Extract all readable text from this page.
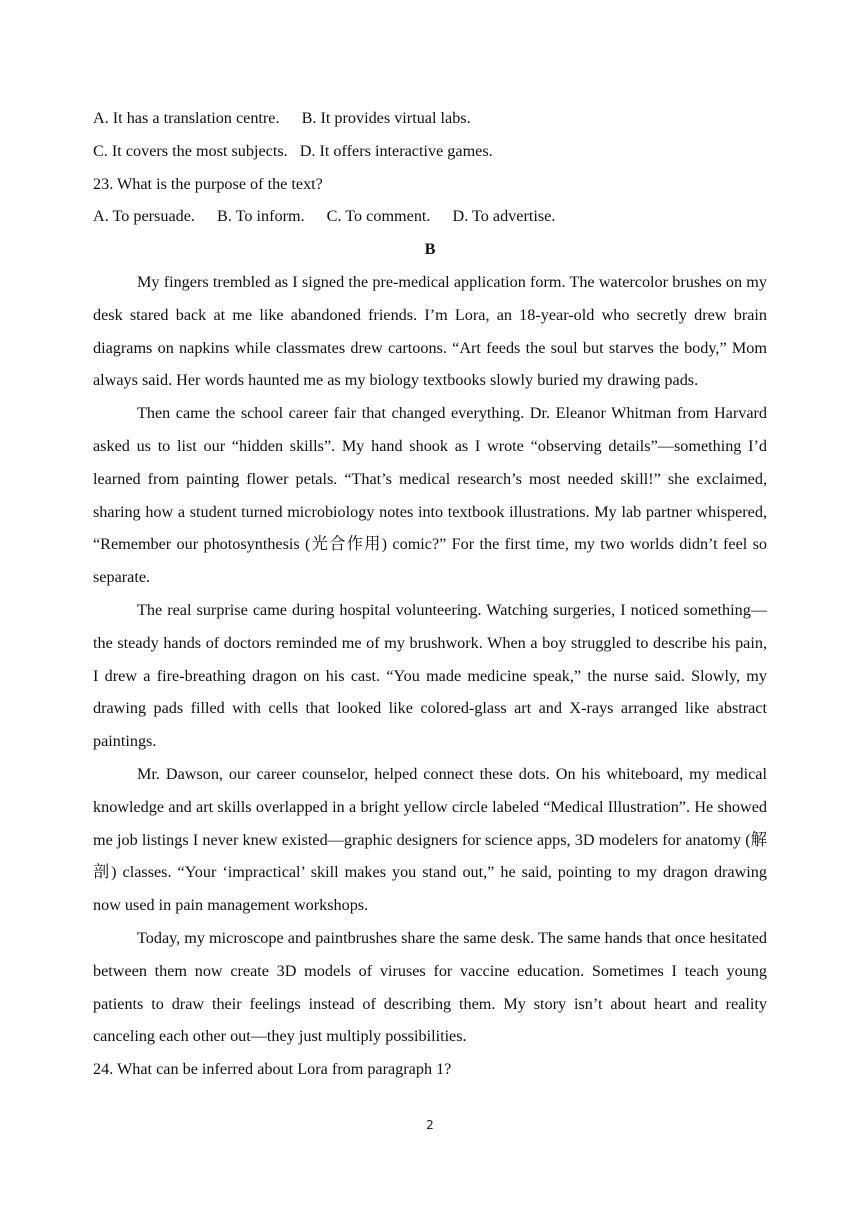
A. It has a translation centre. B. It provides virtual labs.
C. It covers the most subjects. D. It offers interactive games.
23. What is the purpose of the text?
A. To persuade. B. To inform. C. To comment. D. To advertise.
B

My fingers trembled as I signed the pre-medical application form. The watercolor brushes on my desk stared back at me like abandoned friends. I’m Lora, an 18-year-old who secretly drew brain diagrams on napkins while classmates drew cartoons. “Art feeds the soul but starves the body,” Mom always said. Her words haunted me as my biology textbooks slowly buried my drawing pads.

Then came the school career fair that changed everything. Dr. Eleanor Whitman from Harvard asked us to list our “hidden skills”. My hand shook as I wrote “observing details”—something I’d learned from painting flower petals. “That’s medical research’s most needed skill!” she exclaimed, sharing how a student turned microbiology notes into textbook illustrations. My lab partner whispered, “Remember our photosynthesis (光合作用) comic?” For the first time, my two worlds didn’t feel so separate.

The real surprise came during hospital volunteering. Watching surgeries, I noticed something—the steady hands of doctors reminded me of my brushwork. When a boy struggled to describe his pain, I drew a fire-breathing dragon on his cast. “You made medicine speak,” the nurse said. Slowly, my drawing pads filled with cells that looked like colored-glass art and X-rays arranged like abstract paintings.

Mr. Dawson, our career counselor, helped connect these dots. On his whiteboard, my medical knowledge and art skills overlapped in a bright yellow circle labeled “Medical Illustration”. He showed me job listings I never knew existed—graphic designers for science apps, 3D modelers for anatomy (解剖) classes. “Your ‘impractical’ skill makes you stand out,” he said, pointing to my dragon drawing now used in pain management workshops.

Today, my microscope and paintbrushes share the same desk. The same hands that once hesitated between them now create 3D models of viruses for vaccine education. Sometimes I teach young patients to draw their feelings instead of describing them. My story isn’t about heart and reality canceling each other out—they just multiply possibilities.

24. What can be inferred about Lora from paragraph 1?
2
